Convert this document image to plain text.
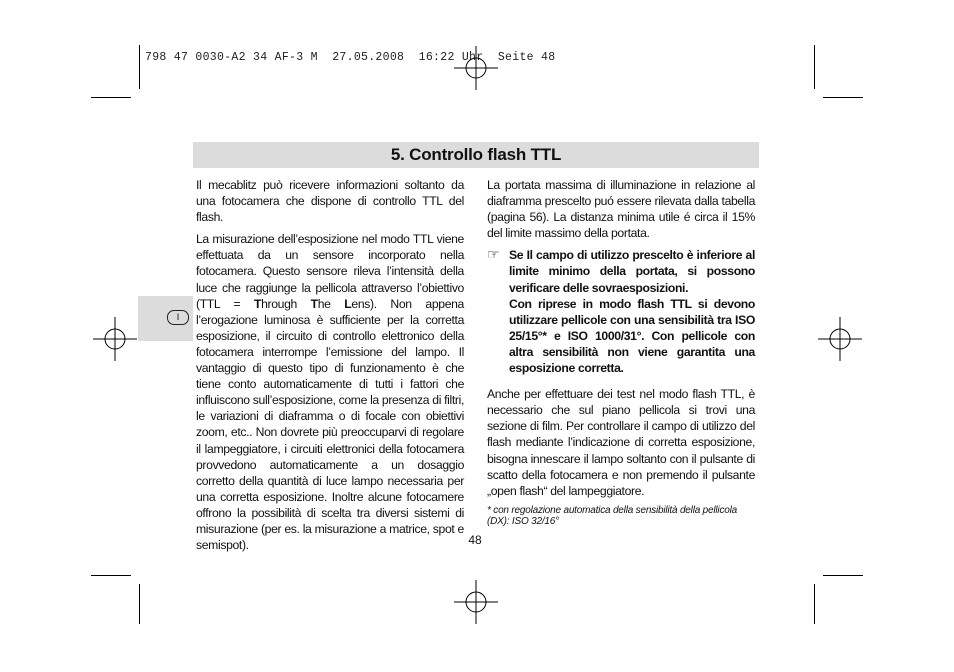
798 47 0030-A2 34 AF-3 M  27.05.2008  16:22 Uhr  Seite 48
5. Controllo flash TTL
I

Il mecablitz può ricevere informazioni soltanto da una fotocamera che dispone di controllo TTL del flash.

La misurazione dell’esposizione nel modo TTL viene effettuata da un sensore incorporato nella fotocamera. Questo sensore rileva l’intensità della luce che raggiunge la pellicola attraverso l’obiettivo (TTL = Through The Lens). Non appena l’erogazione luminosa è sufficiente per la corretta esposizione, il circuito di controllo elettronico della fotocamera interrompe l’emissione del lampo. Il vantaggio di questo tipo di funzionamento è che tiene conto automaticamente di tutti i fattori che influiscono sull’esposizione, come la presenza di filtri, le variazioni di diaframma o di focale con obiettivi zoom, etc.. Non dovrete più preoccuparvi di regolare il lampeggiatore, i circuiti elettronici della fotocamera provvedono automaticamente a un dosaggio corretto della quantità di luce lampo necessaria per una corretta esposizione. Inoltre alcune fotocamere offrono la possibilità di scelta tra diversi sistemi di misurazione (per es. la misurazione a matrice, spot e semispot).

La portata massima di illuminazione in relazione al diaframma prescelto puó essere rilevata dalla tabella (pagina 56). La distanza minima utile é circa il 15% del limite massimo della portata.

☞ Se Il campo di utilizzo prescelto è inferiore al limite minimo della portata, si possono verificare delle sovraesposizioni.

Con riprese in modo flash TTL si devono utilizzare pellicole con una sensibilità tra ISO 25/15°* e ISO 1000/31°. Con pellicole con altra sensibilità non viene garantita una esposizione corretta.

Anche per effettuare dei test nel modo flash TTL, è necessario che sul piano pellicola si trovi una sezione di film. Per controllare il campo di utilizzo del flash mediante l’indicazione di corretta esposizione, bisogna innescare il lampo soltanto con il pulsante di scatto della fotocamera e non premendo il pulsante „open flash“ del lampeggiatore.

* con regolazione automatica della sensibilità della pellicola (DX): ISO 32/16°
48
